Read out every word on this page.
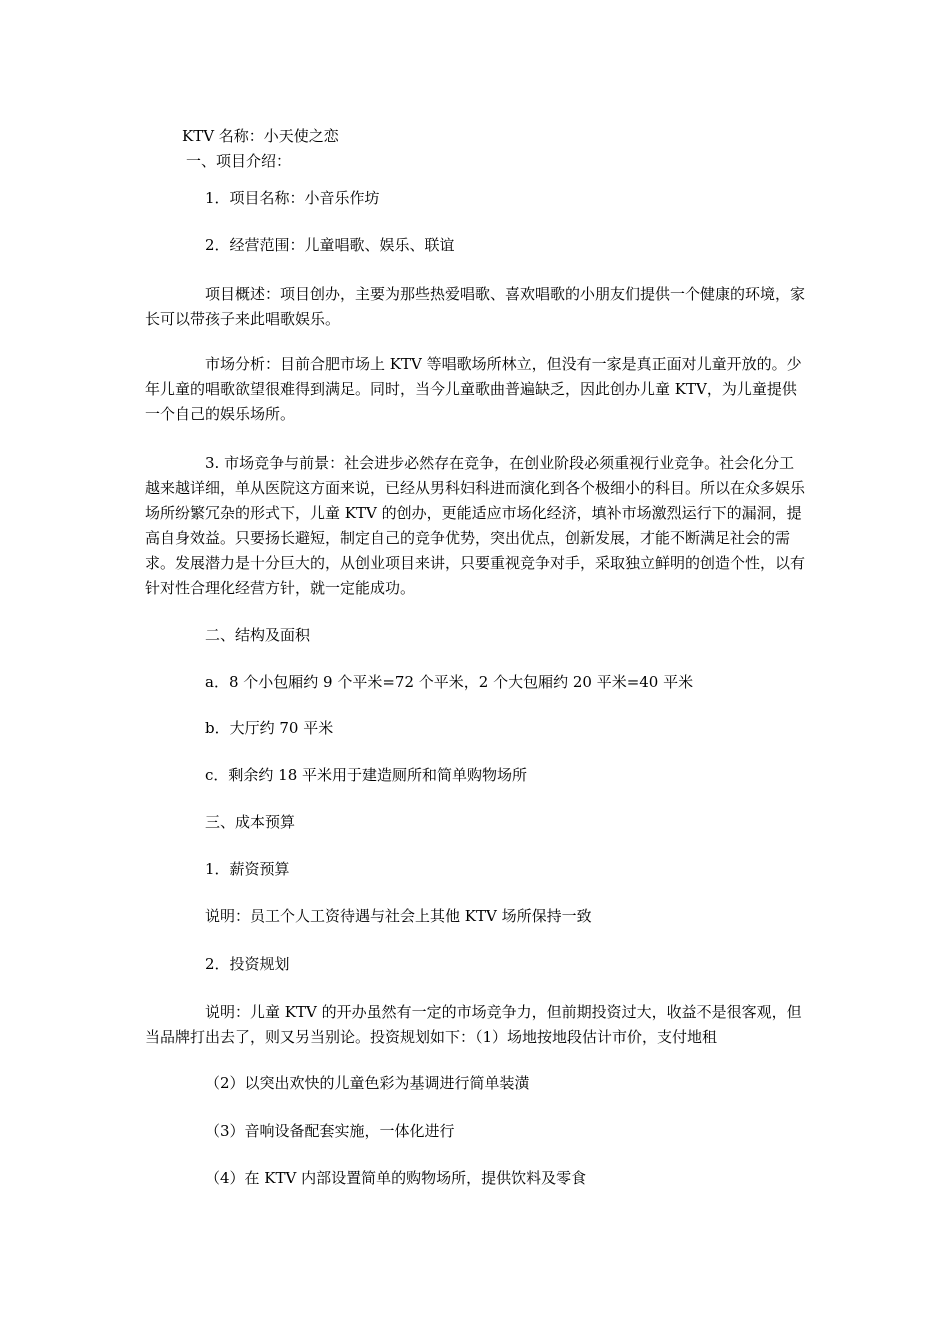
KTV 名称：小天使之恋

一、项目介绍：

1．项目名称：小音乐作坊

2．经营范围：儿童唱歌、娱乐、联谊

项目概述：项目创办，主要为那些热爱唱歌、喜欢唱歌的小朋友们提供一个健康的环境，家长可以带孩子来此唱歌娱乐。

市场分析：目前合肥市场上 KTV 等唱歌场所林立，但没有一家是真正面对儿童开放的。少年儿童的唱歌欲望很难得到满足。同时，当今儿童歌曲普遍缺乏，因此创办儿童 KTV，为儿童提供一个自己的娱乐场所。

3. 市场竞争与前景：社会进步必然存在竞争，在创业阶段必须重视行业竞争。社会化分工越来越详细，单从医院这方面来说，已经从男科妇科进而演化到各个极细小的科目。所以在众多娱乐场所纷繁冗杂的形式下，儿童 KTV 的创办，更能适应市场化经济，填补市场激烈运行下的漏洞，提高自身效益。只要扬长避短，制定自己的竞争优势，突出优点，创新发展，才能不断满足社会的需求。发展潜力是十分巨大的，从创业项目来讲，只要重视竞争对手，采取独立鲜明的创造个性，以有针对性合理化经营方针，就一定能成功。

二、结构及面积

a．8 个小包厢约 9 个平米=72 个平米，2 个大包厢约 20 平米=40 平米

b．大厅约 70 平米

c．剩余约 18 平米用于建造厕所和简单购物场所

三、成本预算

1．薪资预算

说明：员工个人工资待遇与社会上其他 KTV 场所保持一致

2．投资规划

说明：儿童 KTV 的开办虽然有一定的市场竞争力，但前期投资过大，收益不是很客观，但当品牌打出去了，则又另当别论。投资规划如下：（1）场地按地段估计市价，支付地租

（2）以突出欢快的儿童色彩为基调进行简单装潢

（3）音响设备配套实施，一体化进行

（4）在 KTV 内部设置简单的购物场所，提供饮料及零食
